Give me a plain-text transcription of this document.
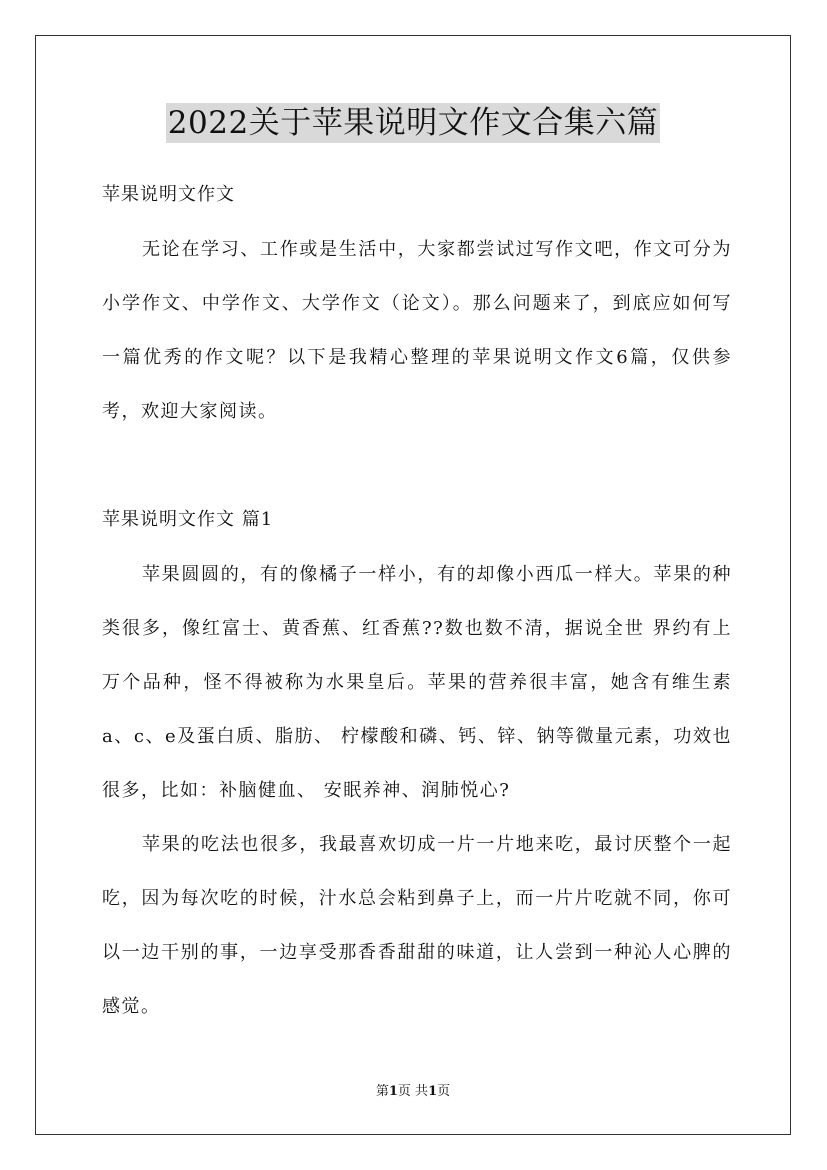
2022关于苹果说明文作文合集六篇
苹果说明文作文

无论在学习、工作或是生活中，大家都尝试过写作文吧，作文可分为小学作文、中学作文、大学作文（论文）。那么问题来了，到底应如何写一篇优秀的作文呢？以下是我精心整理的苹果说明文作文6篇，仅供参考，欢迎大家阅读。

苹果说明文作文 篇1

苹果圆圆的，有的像橘子一样小，有的却像小西瓜一样大。苹果的种类很多，像红富士、黄香蕉、红香蕉??数也数不清，据说全世 界约有上万个品种，怪不得被称为水果皇后。苹果的营养很丰富，她含有维生素 a、c、e及蛋白质、脂肪、 柠檬酸和磷、钙、锌、钠等微量元素，功效也很多，比如：补脑健血、 安眠养神、润肺悦心?

苹果的吃法也很多，我最喜欢切成一片一片地来吃，最讨厌整个一起吃，因为每次吃的时候，汁水总会粘到鼻子上，而一片片吃就不同，你可以一边干别的事，一边享受那香香甜甜的味道，让人尝到一种沁人心脾的感觉。

第1页 共1页
